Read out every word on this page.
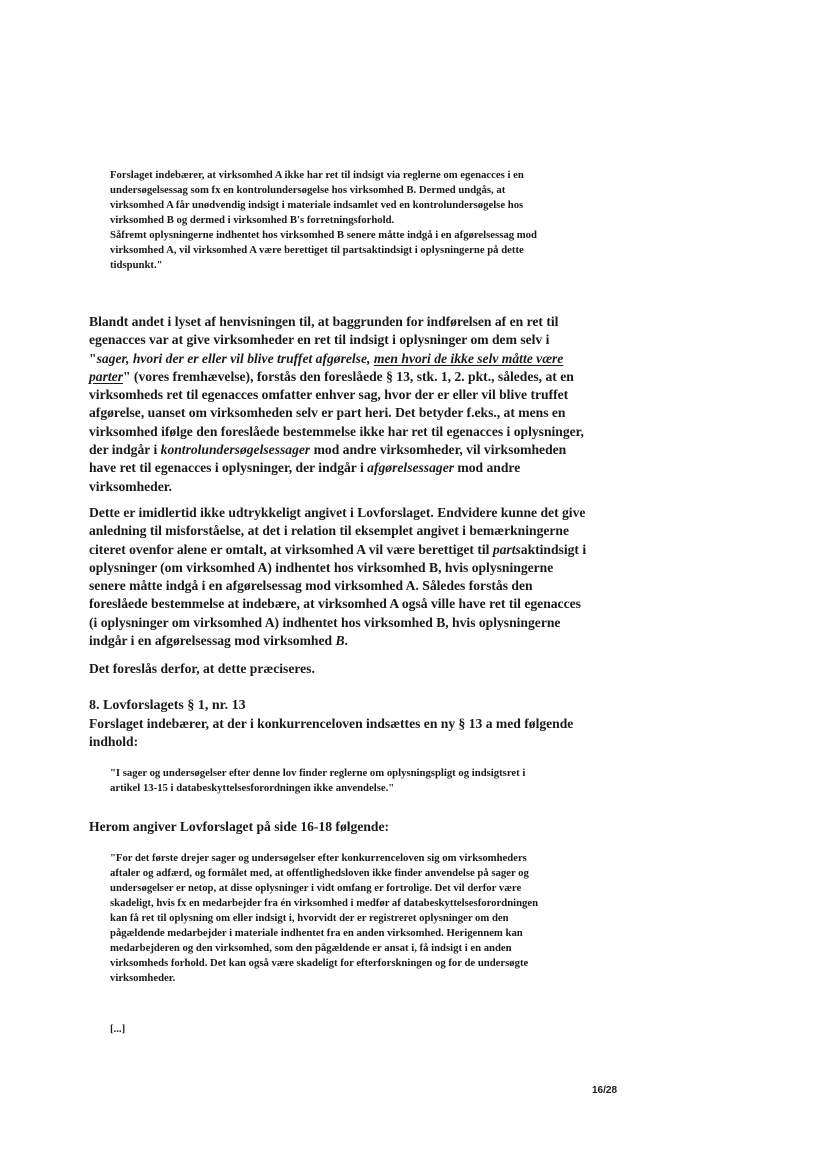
Forslaget indebærer, at virksomhed A ikke har ret til indsigt via reglerne om egenacces i en undersøgelsessag som fx en kontrolundersøgelse hos virksomhed B. Dermed undgås, at virksomhed A får unødvendig indsigt i materiale indsamlet ved en kontrolundersøgelse hos virksomhed B og dermed i virksomhed B's forretningsforhold.

Såfremt oplysningerne indhentet hos virksomhed B senere måtte indgå i en afgørelsessag mod virksomhed A, vil virksomhed A være berettiget til partsaktindsigt i oplysningerne på dette tidspunkt."

Blandt andet i lyset af henvisningen til, at baggrunden for indførelsen af en ret til egenacces var at give virksomheder en ret til indsigt i oplysninger om dem selv i "sager, hvori der er eller vil blive truffet afgørelse, men hvori de ikke selv måtte være parter" (vores fremhævelse), forstås den foreslåede § 13, stk. 1, 2. pkt., således, at en virksomheds ret til egenacces omfatter enhver sag, hvor der er eller vil blive truffet afgørelse, uanset om virksomheden selv er part heri. Det betyder f.eks., at mens en virksomhed ifølge den foreslåede bestemmelse ikke har ret til egenacces i oplysninger, der indgår i kontrolundersøgelsessager mod andre virksomheder, vil virksomheden have ret til egenacces i oplysninger, der indgår i afgørelsessager mod andre virksomheder.

Dette er imidlertid ikke udtrykkeligt angivet i Lovforslaget. Endvidere kunne det give anledning til misforståelse, at det i relation til eksemplet angivet i bemærkningerne citeret ovenfor alene er omtalt, at virksomhed A vil være berettiget til partsaktindsigt i oplysninger (om virksomhed A) indhentet hos virksomhed B, hvis oplysningerne senere måtte indgå i en afgørelsessag mod virksomhed A. Således forstås den foreslåede bestemmelse at indebære, at virksomhed A også ville have ret til egenacces (i oplysninger om virksomhed A) indhentet hos virksomhed B, hvis oplysningerne indgår i en afgørelsessag mod virksomhed B.

Det foreslås derfor, at dette præciseres.

8. Lovforslagets § 1, nr. 13

Forslaget indebærer, at der i konkurrenceloven indsættes en ny § 13 a med følgende indhold:

"I sager og undersøgelser efter denne lov finder reglerne om oplysningspligt og indsigtsret i artikel 13-15 i databeskyttelsesforordningen ikke anvendelse."

Herom angiver Lovforslaget på side 16-18 følgende:

"For det første drejer sager og undersøgelser efter konkurrenceloven sig om virksomheders aftaler og adfærd, og formålet med, at offentlighedsloven ikke finder anvendelse på sager og undersøgelser er netop, at disse oplysninger i vidt omfang er fortrolige. Det vil derfor være skadeligt, hvis fx en medarbejder fra én virksomhed i medfør af databeskyttelsesforordningen kan få ret til oplysning om eller indsigt i, hvorvidt der er registreret oplysninger om den pågældende medarbejder i materiale indhentet fra en anden virksomhed. Herigennem kan medarbejderen og den virksomhed, som den pågældende er ansat i, få indsigt i en anden virksomheds forhold. Det kan også være skadeligt for efterforskningen og for de undersøgte virksomheder.

[...]

16/28
